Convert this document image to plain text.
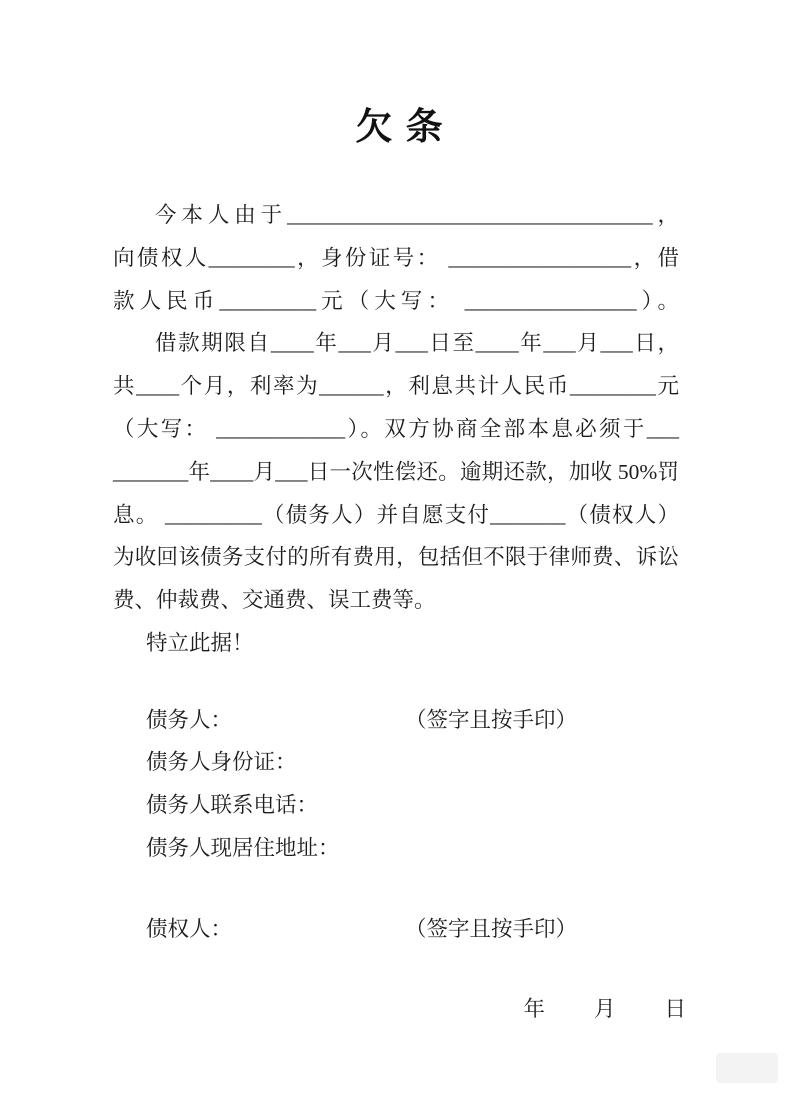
欠 条
今本人由于__________________________________，
向债权人________，身份证号： _________________，借
款人民币_________元（大写： ________________）。
借款期限自____年___月___日至____年___月___日，
共____个月，利率为______，利息共计人民币________元
（大写： ____________）。双方协商全部本息必须于___
_______年____月___日一次性偿还。逾期还款，加收 50%罚
息。 _________（债务人）并自愿支付_______（债权人）
为收回该债务支付的所有费用，包括但不限于律师费、诉讼
费、仲裁费、交通费、误工费等。
特立此据！
债务人：	（签字且按手印）
债务人身份证：
债务人联系电话：
债务人现居住地址：
债权人：	（签字且按手印）
年　　月　　日
